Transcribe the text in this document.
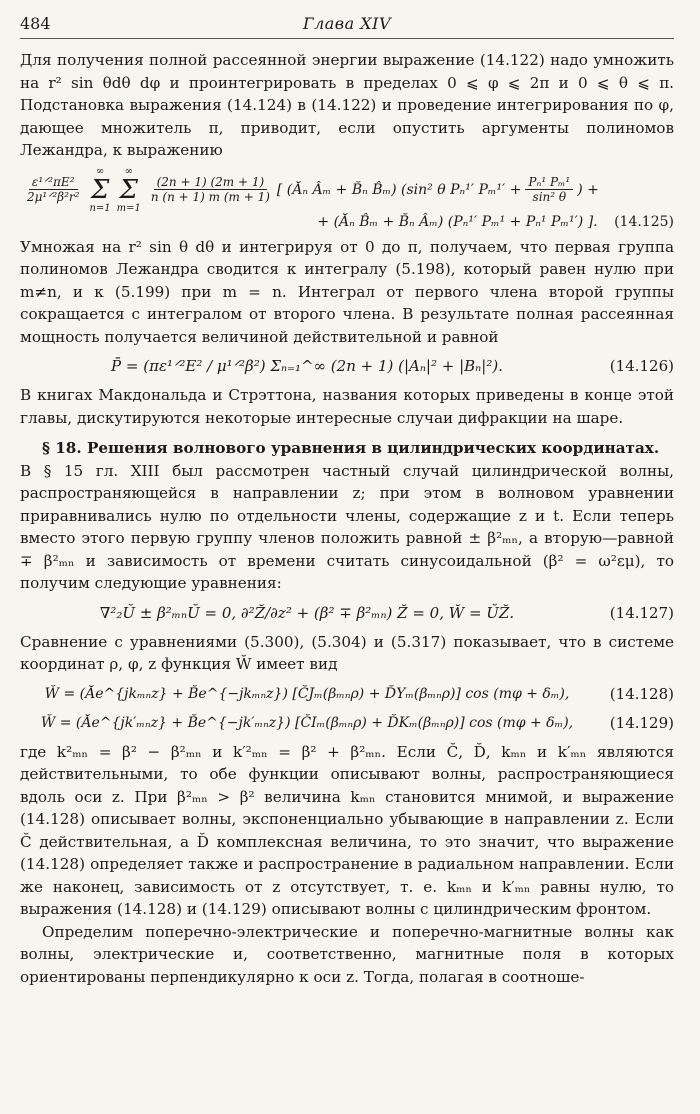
484	Глава XIV

Для получения полной рассеянной энергии выражение (14.122) надо умножить на r² sin θdθ dφ и проинтегрировать в пределах 0 ⩽ φ ⩽ 2π и 0 ⩽ θ ⩽ π. Подстановка выражения (14.124) в (14.122) и проведение интегрирования по φ, дающее множитель π, приводит, если опустить аргументы полиномов Лежандра, к выражению

$\frac{\text{ε¹ᐟ²πE²}}{\text{2μ¹ᐟ²β²r²}}$
∞
Σ
n=1
∞
Σ
m=1
$\frac{(2n + 1) (2m + 1)}{n (n + 1) m (m + 1)}$ [ (Ăₙ Âₘ + B̆ₙ B̂ₘ) (sin² θ Pₙ¹′ $P_m^1' + \frac{\text{Pₙ¹ Pₘ¹}}{\text{sin² θ}}$ ) +
+ (Ăₙ B̂ₘ + B̆ₙ Âₘ) (Pₙ¹′ Pₘ¹ + Pₙ¹ Pₘ¹′) ]. (14.125)

Умножая на r² sin θ dθ и интегрируя от 0 до π, получаем, что первая группа полиномов Лежандра сводится к интегралу (5.198), который равен нулю при m≠n, и к (5.199) при m = n. Интеграл от первого члена второй группы сокращается с интегралом от второго члена. В результате полная рассеянная мощность получается величиной действительной и равной

P̄ = (πε¹ᐟ²E² / μ¹ᐟ²β²) Σₙ₌₁^∞ (2n + 1) (|Aₙ|² + |Bₙ|²).	(14.126)

В книгах Макдональда и Стрэттона, названия которых приведены в конце этой главы, дискутируются некоторые интересные случаи дифракции на шаре.

§ 18. Решения волнового уравнения в цилиндрических координатах.

В § 15 гл. XIII был рассмотрен частный случай цилиндрической волны, распространяющейся в направлении z; при этом в волновом уравнении приравнивались нулю по отдельности члены, содержащие z и t. Если теперь вместо этого первую группу членов положить равной ± β²ₘₙ, а вторую—равной ∓ β²ₘₙ и зависимость от времени считать синусоидальной (β² = ω²εμ), то получим следующие уравнения:

∇²₂Ŭ ± β²ₘₙŬ = 0, ∂²Z̆/∂z² + (β² ∓ β²ₘₙ) Z̆ = 0, W̆ = ŬZ̆.	(14.127)

Сравнение с уравнениями (5.300), (5.304) и (5.317) показывает, что в системе координат ρ, φ, z функция W̆ имеет вид

W̆ = (Ăe^{jkₘₙz} + B̆e^{−jkₘₙz}) [C̆Jₘ(βₘₙρ) + D̆Yₘ(βₘₙρ)] cos (mφ + δₘ),	(14.128)
W̆ = (Ăe^{jk′ₘₙz} + B̆e^{−jk′ₘₙz}) [C̆Iₘ(βₘₙρ) + D̆Kₘ(βₘₙρ)] cos (mφ + δₘ),	(14.129)

где k²ₘₙ = β² − β²ₘₙ и k′²ₘₙ = β² + β²ₘₙ. Если C̆, D̆, kₘₙ и k′ₘₙ являются действительными, то обе функции описывают волны, распространяющиеся вдоль оси z. При β²ₘₙ > β² величина kₘₙ становится мнимой, и выражение (14.128) описывает волны, экспоненциально убывающие в направлении z. Если C̆ действительная, а D̆ комплексная величина, то это значит, что выражение (14.128) определяет также и распространение в радиальном направлении. Если же наконец, зависимость от z отсутствует, т. е. kₘₙ и k′ₘₙ равны нулю, то выражения (14.128) и (14.129) описывают волны с цилиндрическим фронтом.

Определим поперечно-электрические и поперечно-магнитные волны как волны, электрические и, соответственно, магнитные поля в которых ориентированы перпендикулярно к оси z. Тогда, полагая в соотноше-
